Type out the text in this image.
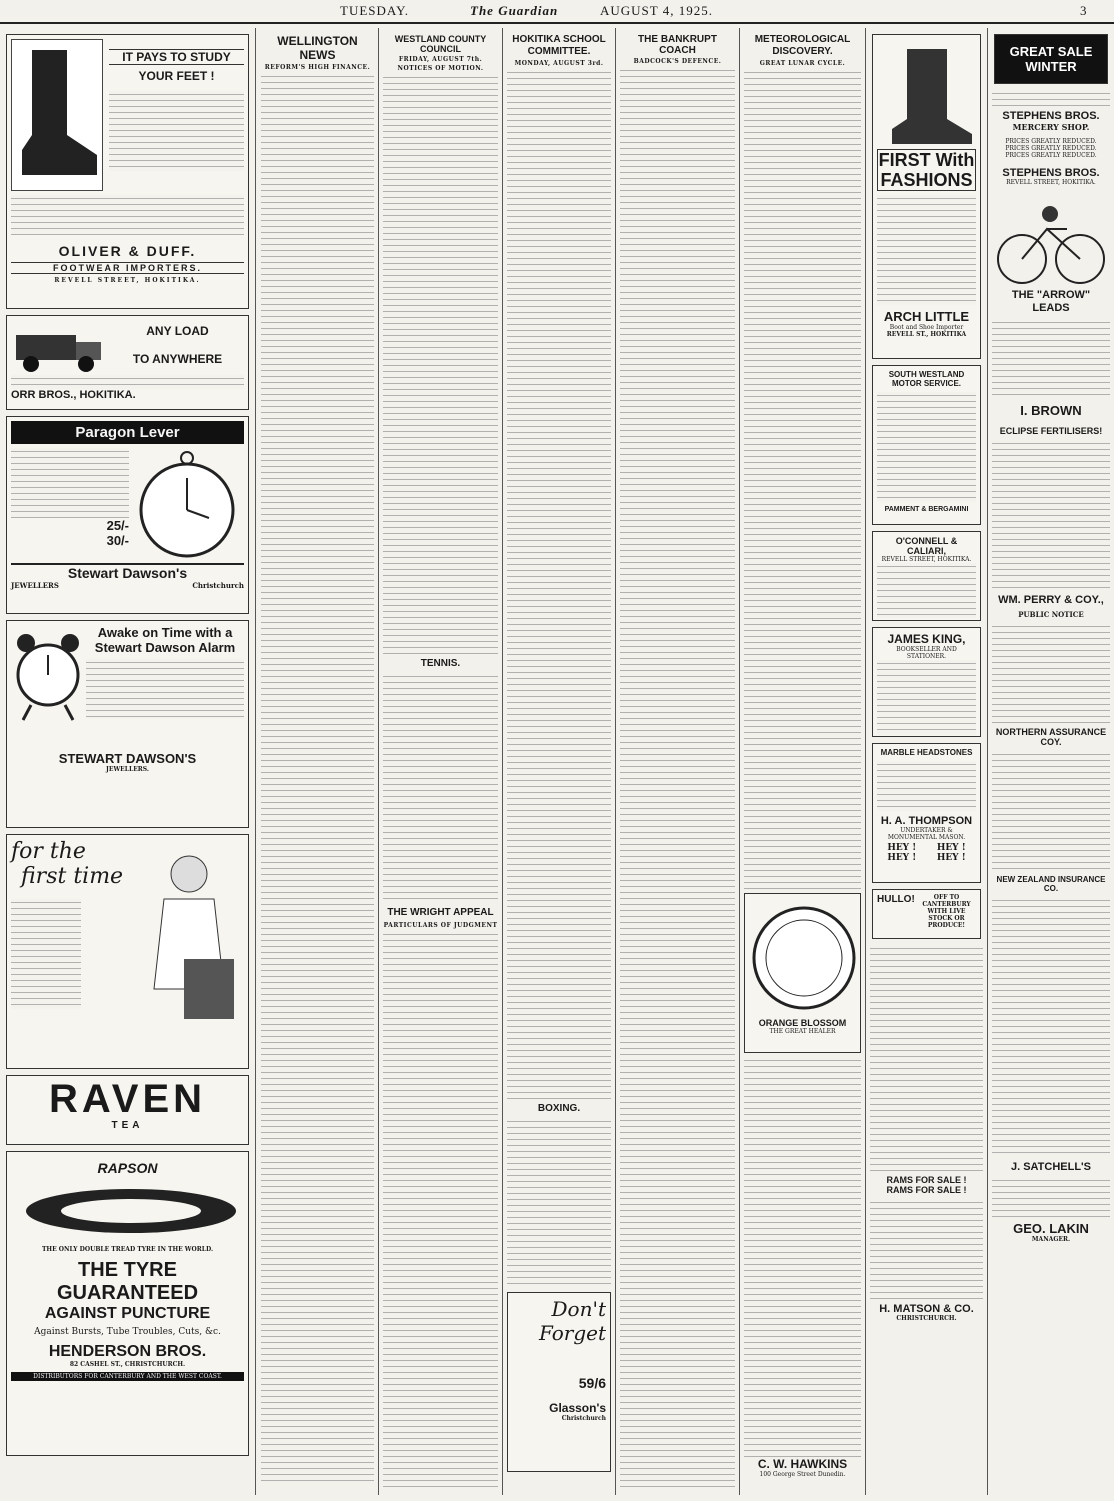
TUESDAY.	The Guardian	AUGUST 4, 1925.	3
IT PAYS TO STUDY
YOUR FEET !
OLIVER & DUFF.
FOOTWEAR IMPORTERS.
REVELL STREET, HOKITIKA.
ANY LOAD
TO ANYWHERE
ORR BROS., HOKITIKA.
Paragon Lever
25/-
30/-
Stewart Dawson's
JEWELLERS	Christchurch
Awake on Time with a Stewart Dawson Alarm
STEWART DAWSON'S
JEWELLERS.
for the
first time
RAVEN
TEA
RAPSON
THE ONLY DOUBLE TREAD TYRE IN THE WORLD.
THE TYRE
GUARANTEED
AGAINST PUNCTURE
Against Bursts, Tube Troubles, Cuts, &c.
HENDERSON BROS.
82 CASHEL ST., CHRISTCHURCH.
DISTRIBUTORS FOR CANTERBURY AND THE WEST COAST.
WELLINGTON NEWS
REFORM'S HIGH FINANCE.
WESTLAND COUNTY COUNCIL
FRIDAY, AUGUST 7th.
NOTICES OF MOTION.
TENNIS.
THE WRIGHT APPEAL
PARTICULARS OF JUDGMENT
HOKITIKA SCHOOL COMMITTEE.
MONDAY, AUGUST 3rd.
BOXING.
Don't
Forget
59/6
Glasson's
Christchurch
THE BANKRUPT COACH
BADCOCK'S DEFENCE.
METEOROLOGICAL DISCOVERY.
GREAT LUNAR CYCLE.
ORANGE BLOSSOM
THE GREAT HEALER
C. W. HAWKINS
100 George Street Dunedin.
FIRST With FASHIONS
ARCH LITTLE
Boot and Shoe Importer
REVELL ST., HOKITIKA
SOUTH WESTLAND MOTOR SERVICE.
PAMMENT & BERGAMINI
O'CONNELL & CALIARI,
REVELL STREET, HOKITIKA.
JAMES KING,
BOOKSELLER AND STATIONER.
MARBLE HEADSTONES
H. A. THOMPSON
UNDERTAKER & MONUMENTAL MASON.
HEY !	HEY !
HEY !	HEY !
HULLO!	OFF TO CANTERBURY WITH LIVE STOCK OR PRODUCE!
RAMS FOR SALE !
RAMS FOR SALE !
H. MATSON & CO.
CHRISTCHURCH.
GREAT SALE WINTER
STEPHENS BROS.
MERCERY SHOP.
PRICES GREATLY REDUCED.
PRICES GREATLY REDUCED.
PRICES GREATLY REDUCED.
STEPHENS BROS.
REVELL STREET, HOKITIKA.
THE "ARROW" LEADS
I. BROWN
ECLIPSE FERTILISERS!
WM. PERRY & COY.,
PUBLIC NOTICE
NORTHERN ASSURANCE COY.
NEW ZEALAND INSURANCE CO.
J. SATCHELL'S
GEO. LAKIN
MANAGER.
